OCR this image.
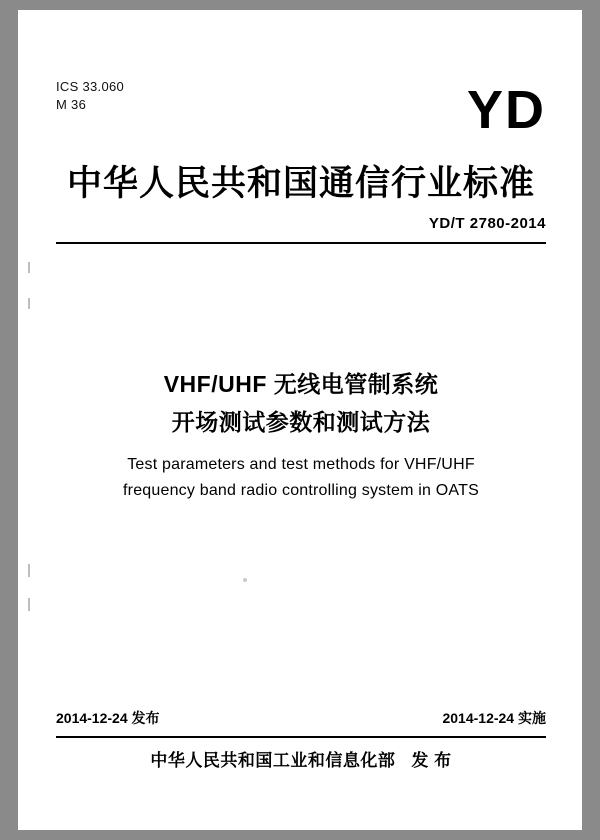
ICS 33.060
M 36	YD
中华人民共和国通信行业标准
YD/T 2780-2014
VHF/UHF 无线电管制系统
开场测试参数和测试方法
Test parameters and test methods for VHF/UHF
frequency band radio controlling system in OATS
2014-12-24 发布	2014-12-24 实施
中华人民共和国工业和信息化部 发 布
